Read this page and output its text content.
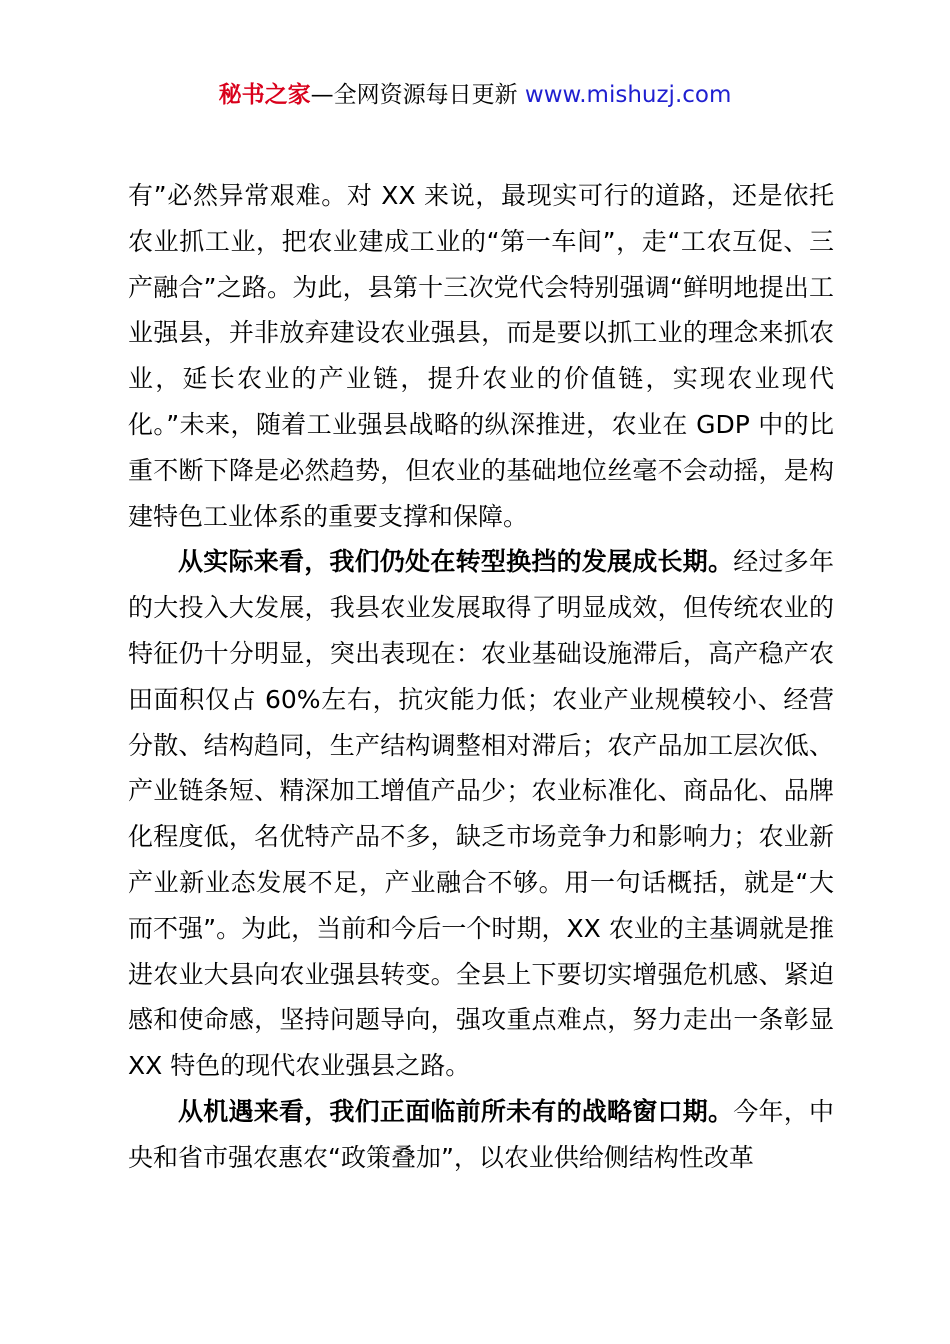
秘书之家—全网资源每日更新 www.mishuzj.com

有”必然异常艰难。对 XX 来说，最现实可行的道路，还是依托农业抓工业，把农业建成工业的“第一车间”，走“工农互促、三产融合”之路。为此，县第十三次党代会特别强调“鲜明地提出工业强县，并非放弃建设农业强县，而是要以抓工业的理念来抓农业，延长农业的产业链，提升农业的价值链，实现农业现代化。”未来，随着工业强县战略的纵深推进，农业在 GDP 中的比重不断下降是必然趋势，但农业的基础地位丝毫不会动摇，是构建特色工业体系的重要支撑和保障。

从实际来看，我们仍处在转型换挡的发展成长期。经过多年的大投入大发展，我县农业发展取得了明显成效，但传统农业的特征仍十分明显，突出表现在：农业基础设施滞后，高产稳产农田面积仅占 60%左右，抗灾能力低；农业产业规模较小、经营分散、结构趋同，生产结构调整相对滞后；农产品加工层次低、产业链条短、精深加工增值产品少；农业标准化、商品化、品牌化程度低，名优特产品不多，缺乏市场竞争力和影响力；农业新产业新业态发展不足，产业融合不够。用一句话概括，就是“大而不强”。为此，当前和今后一个时期，XX 农业的主基调就是推进农业大县向农业强县转变。全县上下要切实增强危机感、紧迫感和使命感，坚持问题导向，强攻重点难点，努力走出一条彰显 XX 特色的现代农业强县之路。

从机遇来看，我们正面临前所未有的战略窗口期。今年，中央和省市强农惠农“政策叠加”，以农业供给侧结构性改革
